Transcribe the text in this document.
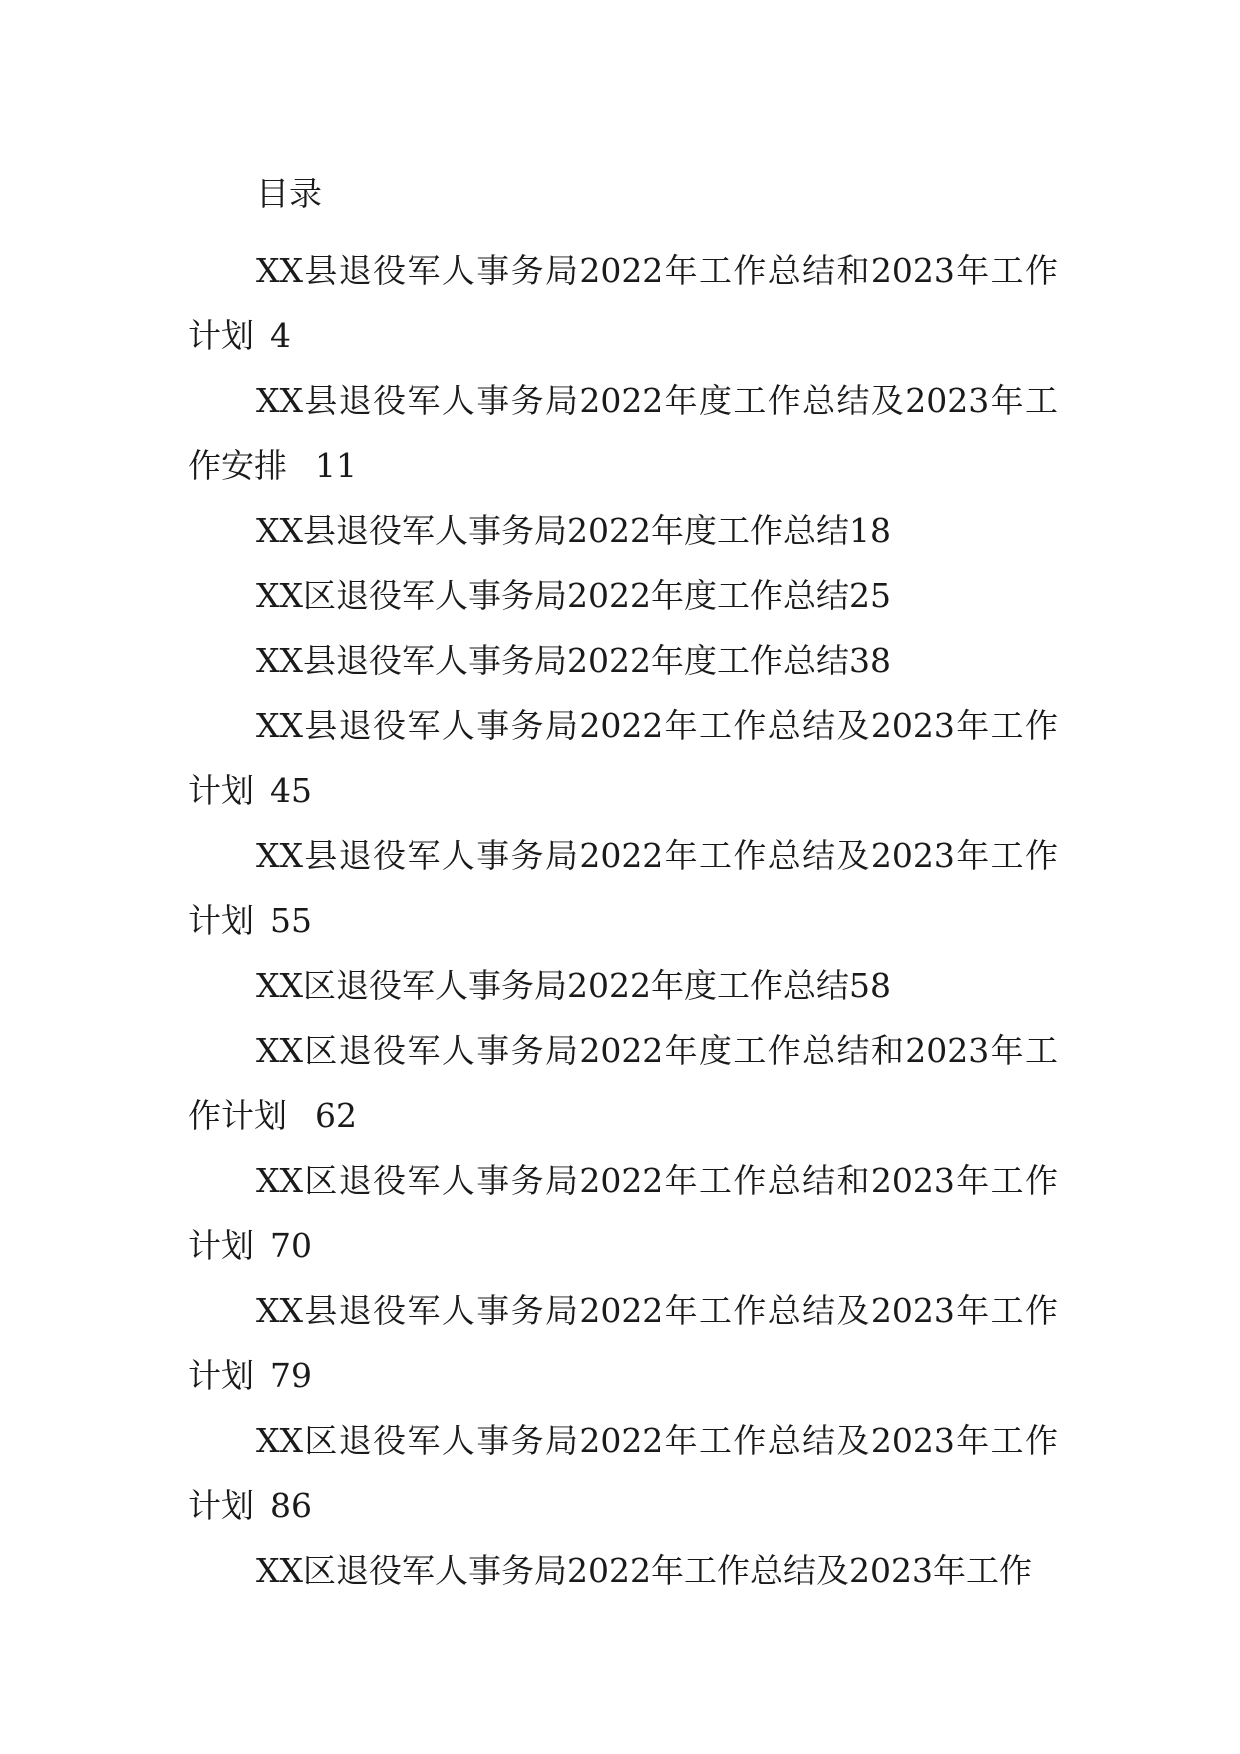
目录

XX县退役军人事务局2022年工作总结和2023年工作计划 4

XX县退役军人事务局2022年度工作总结及2023年工作安排 11

XX县退役军人事务局2022年度工作总结18

XX区退役军人事务局2022年度工作总结25

XX县退役军人事务局2022年度工作总结38

XX县退役军人事务局2022年工作总结及2023年工作计划 45

XX县退役军人事务局2022年工作总结及2023年工作计划 55

XX区退役军人事务局2022年度工作总结58

XX区退役军人事务局2022年度工作总结和2023年工作计划 62

XX区退役军人事务局2022年工作总结和2023年工作计划 70

XX县退役军人事务局2022年工作总结及2023年工作计划 79

XX区退役军人事务局2022年工作总结及2023年工作计划 86

XX区退役军人事务局2022年工作总结及2023年工作
